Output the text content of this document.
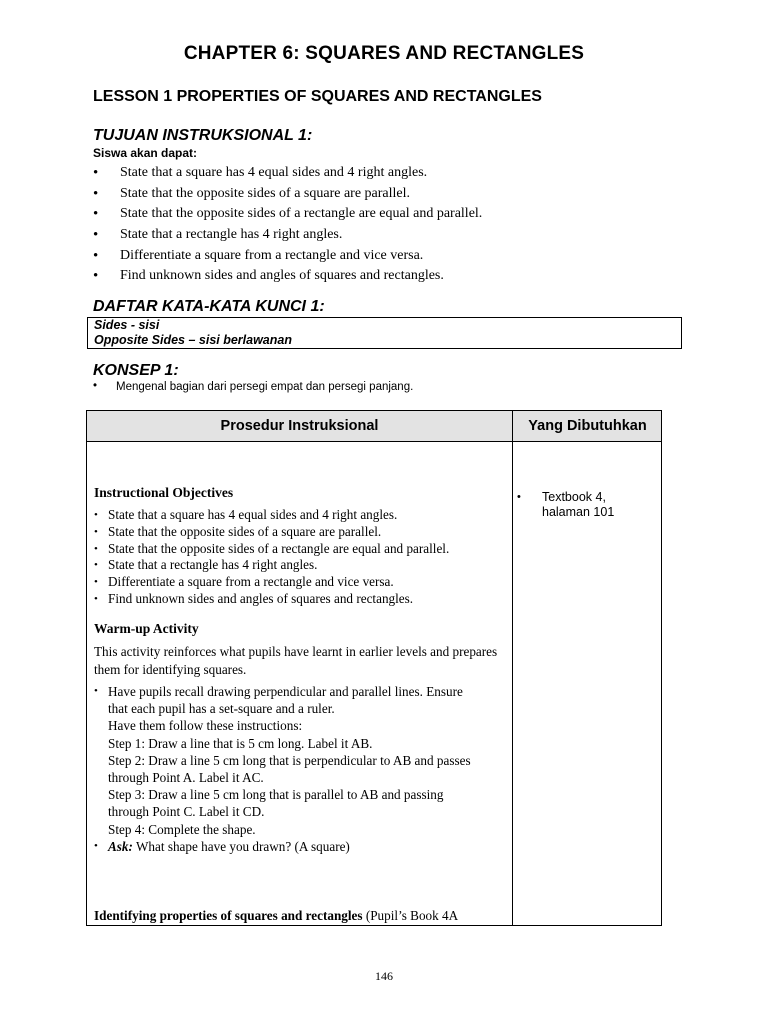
CHAPTER 6: SQUARES AND RECTANGLES
LESSON 1 PROPERTIES OF SQUARES AND RECTANGLES
TUJUAN INSTRUKSIONAL 1:
Siswa akan dapat:
• State that a square has 4 equal sides and 4 right angles.
• State that the opposite sides of a square are parallel.
• State that the opposite sides of a rectangle are equal and parallel.
• State that a rectangle has 4 right angles.
• Differentiate a square from a rectangle and vice versa.
• Find unknown sides and angles of squares and rectangles.
DAFTAR KATA-KATA KUNCI 1:
Sides - sisi
Opposite Sides – sisi berlawanan
KONSEP 1:
• Mengenal bagian dari persegi empat dan persegi panjang.
Prosedur Instruksional	Yang Dibutuhkan
Instructional Objectives
• State that a square has 4 equal sides and 4 right angles.
• State that the opposite sides of a square are parallel.
• State that the opposite sides of a rectangle are equal and parallel.
• State that a rectangle has 4 right angles.
• Differentiate a square from a rectangle and vice versa.
• Find unknown sides and angles of squares and rectangles.
Warm-up Activity
This activity reinforces what pupils have learnt in earlier levels and prepares them for identifying squares.
• Have pupils recall drawing perpendicular and parallel lines. Ensure
that each pupil has a set-square and a ruler.
Have them follow these instructions:
Step 1: Draw a line that is 5 cm long. Label it AB.
Step 2: Draw a line 5 cm long that is perpendicular to AB and passes
through Point A. Label it AC.
Step 3: Draw a line 5 cm long that is parallel to AB and passing
through Point C. Label it CD.
Step 4: Complete the shape.
• Ask: What shape have you drawn? (A square)
Identifying properties of squares and rectangles (Pupil’s Book 4A
• Textbook 4, halaman 101
146
